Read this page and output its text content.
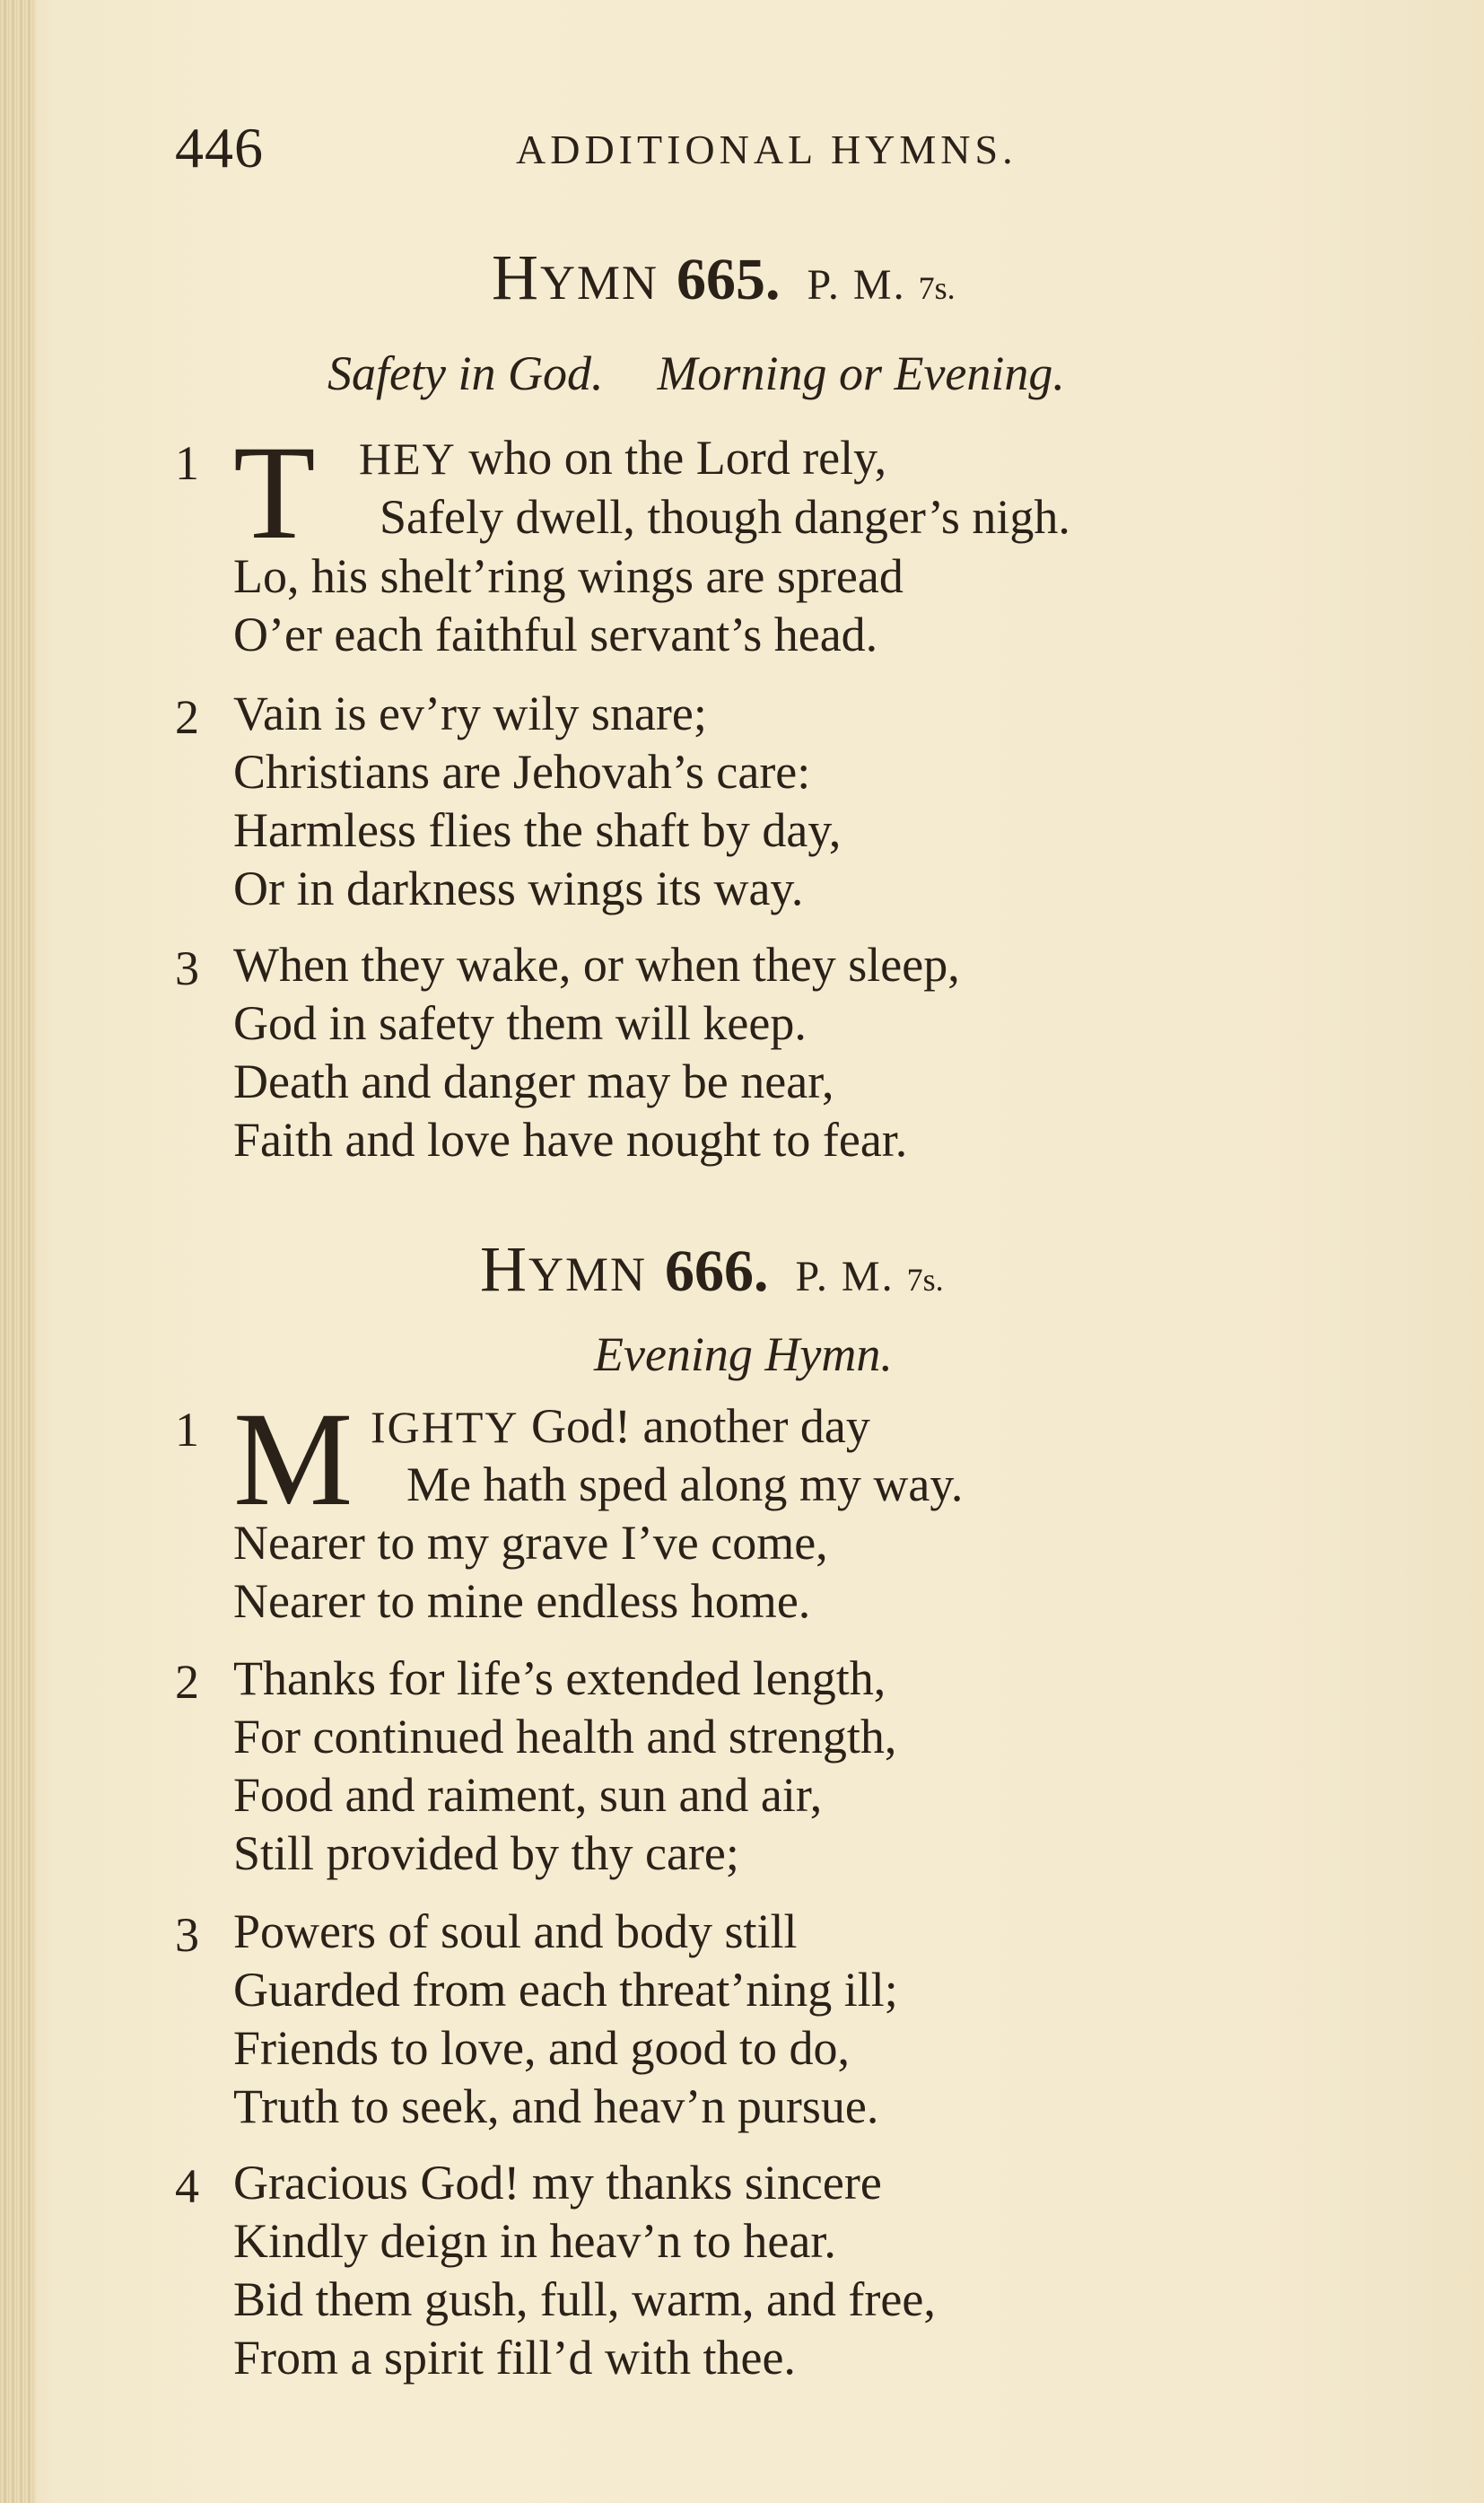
446	ADDITIONAL HYMNS.
HYMN 665. P. M. 7s.
Safety in God. Morning or Evening.
1 T HEY who on the Lord rely,
Safely dwell, though danger’s nigh.
Lo, his shelt’ring wings are spread
O’er each faithful servant’s head.
2 Vain is ev’ry wily snare;
Christians are Jehovah’s care:
Harmless flies the shaft by day,
Or in darkness wings its way.
3 When they wake, or when they sleep,
God in safety them will keep.
Death and danger may be near,
Faith and love have nought to fear.
HYMN 666. P. M. 7s.
Evening Hymn.
1 M IGHTY God! another day
Me hath sped along my way.
Nearer to my grave I’ve come,
Nearer to mine endless home.
2 Thanks for life’s extended length,
For continued health and strength,
Food and raiment, sun and air,
Still provided by thy care;
3 Powers of soul and body still
Guarded from each threat’ning ill;
Friends to love, and good to do,
Truth to seek, and heav’n pursue.
4 Gracious God! my thanks sincere
Kindly deign in heav’n to hear.
Bid them gush, full, warm, and free,
From a spirit fill’d with thee.
